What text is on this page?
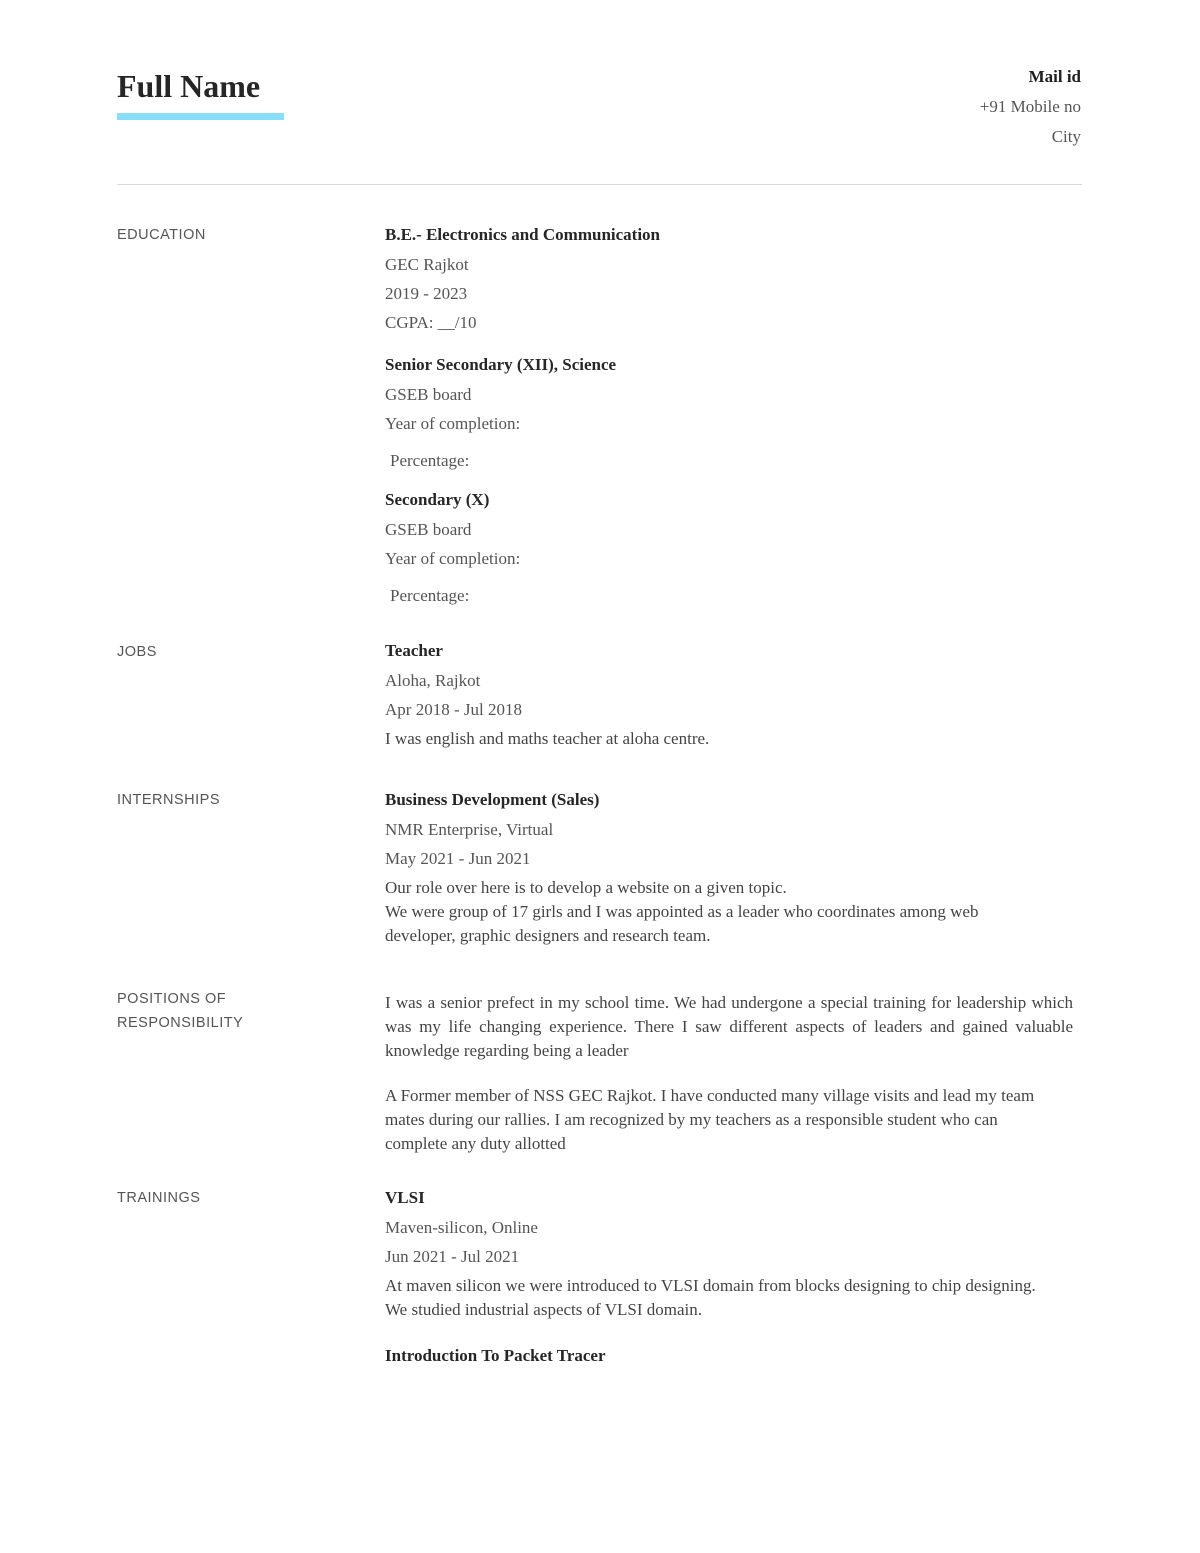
Full Name	Mail id
+91 Mobile no
City
EDUCATION	B.E.- Electronics and Communication
GEC Rajkot
2019 - 2023
CGPA: __/10
Senior Secondary (XII), Science
GSEB board
Year of completion:
Percentage:
Secondary (X)
GSEB board
Year of completion:
Percentage:
JOBS	Teacher
Aloha, Rajkot
Apr 2018 - Jul 2018
I was english and maths teacher at aloha centre.
INTERNSHIPS	Business Development (Sales)
NMR Enterprise, Virtual
May 2021 - Jun 2021
Our role over here is to develop a website on a given topic.
We were group of 17 girls and I was appointed as a leader who coordinates among web developer, graphic designers and research team.
POSITIONS OF
RESPONSIBILITY
I was a senior prefect in my school time. We had undergone a special training for leadership which was my life changing experience. There I saw different aspects of leaders and gained valuable knowledge regarding being a leader
A Former member of NSS GEC Rajkot. I have conducted many village visits and lead my team mates during our rallies. I am recognized by my teachers as a responsible student who can complete any duty allotted
TRAININGS	VLSI
Maven-silicon, Online
Jun 2021 - Jul 2021
At maven silicon we were introduced to VLSI domain from blocks designing to chip designing. We studied industrial aspects of VLSI domain.
Introduction To Packet Tracer
